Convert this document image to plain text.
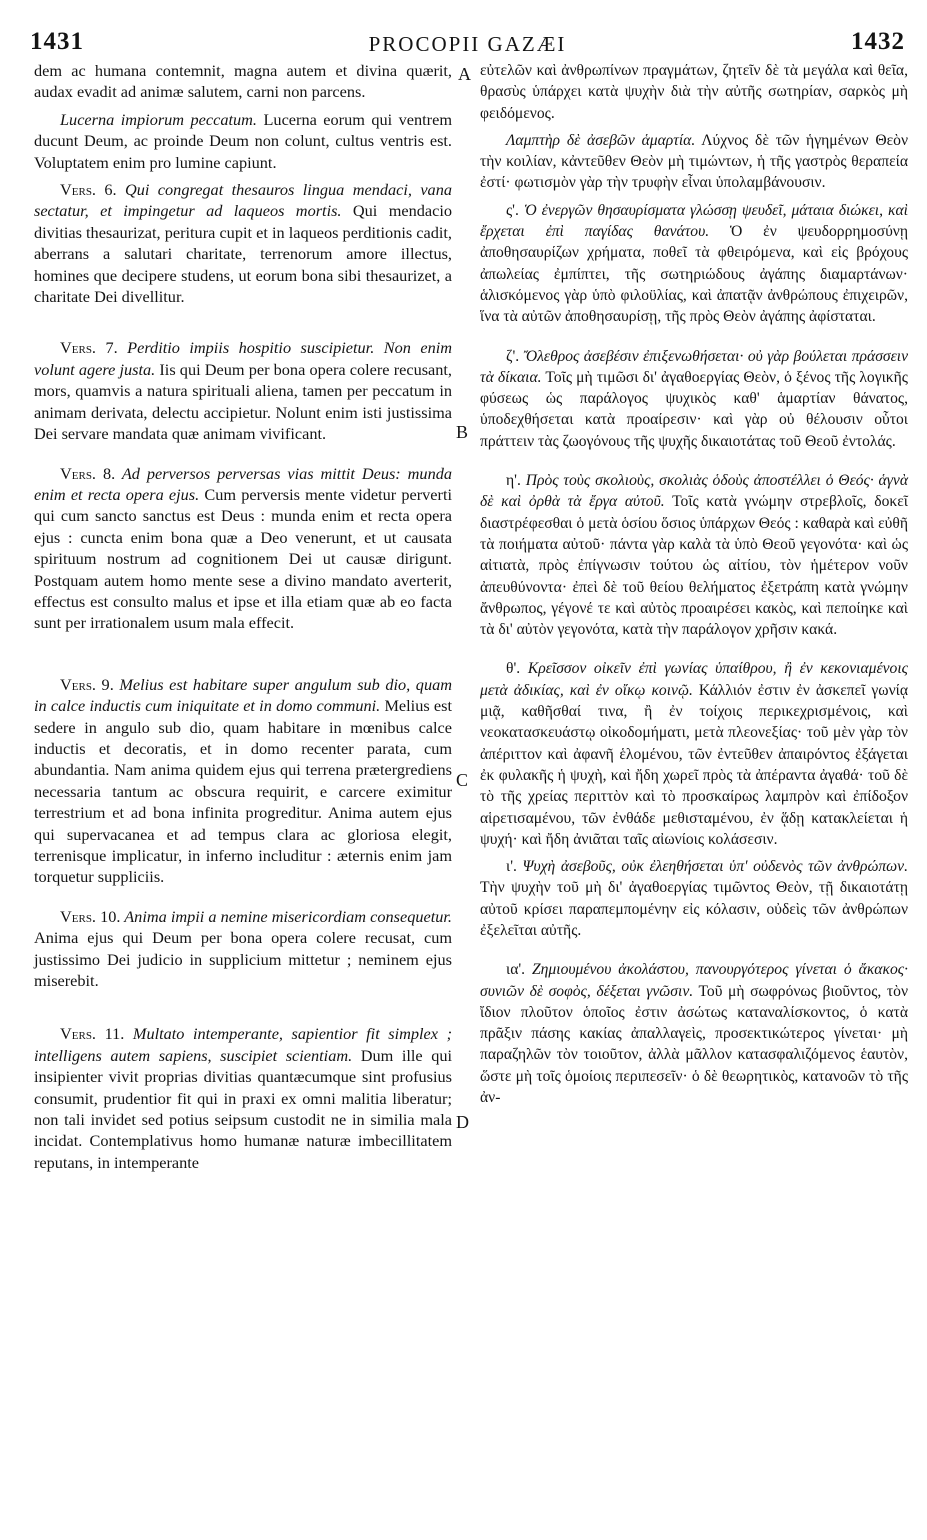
1431	PROCOPII GAZÆI	1432
A
B
C
D

dem ac humana contemnit, magna autem et divina quærit, audax evadit ad animæ salutem, carni non parcens.

Lucerna impiorum peccatum. Lucerna eorum qui ventrem ducunt Deum, ac proinde Deum non colunt, cultus ventris est. Voluptatem enim pro lumine capiunt.

Vers. 6. Qui congregat thesauros lingua mendaci, vana sectatur, et impingetur ad laqueos mortis. Qui mendacio divitias thesaurizat, peritura cupit et in laqueos perditionis cadit, aberrans a salutari charitate, terrenorum amore illectus, homines que decipere studens, ut eorum bona sibi thesaurizet, a charitate Dei divellitur.

Vers. 7. Perditio impiis hospitio suscipietur. Non enim volunt agere justa. Iis qui Deum per bona opera colere recusant, mors, quamvis a natura spirituali aliena, tamen per peccatum in animam derivata, delectu accipietur. Nolunt enim isti justissima Dei servare mandata quæ animam vivificant.

Vers. 8. Ad perversos perversas vias mittit Deus: munda enim et recta opera ejus. Cum perversis mente videtur perverti qui cum sancto sanctus est Deus : munda enim et recta opera ejus : cuncta enim bona quæ a Deo venerunt, et ut causata spirituum nostrum ad cognitionem Dei ut causæ dirigunt. Postquam autem homo mente sese a divino mandato averterit, effectus est consulto malus et ipse et illa etiam quæ ab eo facta sunt per irrationalem usum mala effecit.

Vers. 9. Melius est habitare super angulum sub dio, quam in calce inductis cum iniquitate et in domo communi. Melius est sedere in angulo sub dio, quam habitare in mœnibus calce inductis et decoratis, et in domo recenter parata, cum abundantia. Nam anima quidem ejus qui terrena prætergrediens necessaria tantum ac obscura requirit, e carcere eximitur terrestrium et ad bona infinita progreditur. Anima autem ejus qui supervacanea et ad tempus clara ac gloriosa elegit, terrenisque implicatur, in inferno includitur : æternis enim jam torquetur suppliciis.

Vers. 10. Anima impii a nemine misericordiam consequetur. Anima ejus qui Deum per bona opera colere recusat, cum justissimo Dei judicio in supplicium mittetur ; neminem ejus miserebit.

Vers. 11. Multato intemperante, sapientior fit simplex ; intelligens autem sapiens, suscipiet scientiam. Dum ille qui insipienter vivit proprias divitias quantæcumque sint profusius consumit, prudentior fit qui in praxi ex omni malitia liberatur; non tali invidet sed potius seipsum custodit ne in similia mala incidat. Contemplativus homo humanæ naturæ imbecillitatem reputans, in intemperante

εὐτελῶν καὶ ἀνθρωπίνων πραγμάτων, ζητεῖν δὲ τὰ μεγάλα καὶ θεῖα, θρασὺς ὑπάρχει κατὰ ψυχὴν διὰ τὴν αὐτῆς σωτηρίαν, σαρκὸς μὴ φειδόμενος.

Λαμπτὴρ δὲ ἀσεβῶν ἁμαρτία. Λύχνος δὲ τῶν ἡγημένων Θεὸν τὴν κοιλίαν, κἀντεῦθεν Θεὸν μὴ τιμώντων, ἡ τῆς γαστρὸς θεραπεία ἐστί· φωτισμὸν γὰρ τὴν τρυφὴν εἶναι ὑπολαμβάνουσιν.

ς'. Ὁ ἐνεργῶν θησαυρίσματα γλώσσῃ ψευδεῖ, μάταια διώκει, καὶ ἔρχεται ἐπὶ παγίδας θανάτου. Ὁ ἐν ψευδορρημοσύνῃ ἀποθησαυρίζων χρήματα, ποθεῖ τὰ φθειρόμενα, καὶ εἰς βρόχους ἀπωλείας ἐμπίπτει, τῆς σωτηριώδους ἀγάπης διαμαρτάνων· ἁλισκόμενος γὰρ ὑπὸ φιλοϋλίας, καὶ ἀπατᾷν ἀνθρώπους ἐπιχειρῶν, ἵνα τὰ αὐτῶν ἀποθησαυρίσῃ, τῆς πρὸς Θεὸν ἀγάπης ἀφίσταται.

ζ'. Ὄλεθρος ἀσεβέσιν ἐπιξενωθήσεται· οὐ γὰρ βούλεται πράσσειν τὰ δίκαια. Τοῖς μὴ τιμῶσι δι' ἀγαθοεργίας Θεὸν, ὁ ξένος τῆς λογικῆς φύσεως ὡς παράλογος ψυχικὸς καθ' ἁμαρτίαν θάνατος, ὑποδεχθήσεται κατὰ προαίρεσιν· καὶ γὰρ οὐ θέλουσιν οὗτοι πράττειν τὰς ζωογόνους τῆς ψυχῆς δικαιοτάτας τοῦ Θεοῦ ἐντολάς.

η'. Πρὸς τοὺς σκολιοὺς, σκολιὰς ὁδοὺς ἀποστέλλει ὁ Θεός· ἁγνὰ δὲ καὶ ὀρθὰ τὰ ἔργα αὐτοῦ. Τοῖς κατὰ γνώμην στρεβλοῖς, δοκεῖ διαστρέφεσθαι ὁ μετὰ ὁσίου ὅσιος ὑπάρχων Θεός : καθαρὰ καὶ εὐθῆ τὰ ποιήματα αὐτοῦ· πάντα γὰρ καλὰ τὰ ὑπὸ Θεοῦ γεγονότα· καὶ ὡς αἰτιατὰ, πρὸς ἐπίγνωσιν τούτου ὡς αἰτίου, τὸν ἡμέτερον νοῦν ἀπευθύνοντα· ἐπεὶ δὲ τοῦ θείου θελήματος ἐξετράπη κατὰ γνώμην ἄνθρωπος, γέγονέ τε καὶ αὐτὸς προαιρέσει κακὸς, καὶ πεποίηκε καὶ τὰ δι' αὐτὸν γεγονότα, κατὰ τὴν παράλογον χρῆσιν κακά.

θ'. Κρεῖσσον οἰκεῖν ἐπὶ γωνίας ὑπαίθρου, ἢ ἐν κεκονιαμένοις μετὰ ἀδικίας, καὶ ἐν οἴκῳ κοινῷ. Κάλλιόν ἐστιν ἐν ἀσκεπεῖ γωνίᾳ μιᾷ, καθῆσθαί τινα, ἢ ἐν τοίχοις περικεχρισμένοις, καὶ νεοκατασκευάστῳ οἰκοδομήματι, μετὰ πλεονεξίας· τοῦ μὲν γὰρ τὸν ἀπέριττον καὶ ἀφανῆ ἑλομένου, τῶν ἐντεῦθεν ἀπαιρόντος ἐξάγεται ἐκ φυλακῆς ἡ ψυχὴ, καὶ ἤδη χωρεῖ πρὸς τὰ ἀπέραντα ἀγαθά· τοῦ δὲ τὸ τῆς χρείας περιττὸν καὶ τὸ προσκαίρως λαμπρὸν καὶ ἐπίδοξον αἱρετισαμένου, τῶν ἐνθάδε μεθισταμένου, ἐν ᾅδῃ κατακλείεται ἡ ψυχή· καὶ ἤδη ἀνιᾶται ταῖς αἰωνίοις κολάσεσιν.

ι'. Ψυχὴ ἀσεβοῦς, οὐκ ἐλεηθήσεται ὑπ' οὐδενὸς τῶν ἀνθρώπων. Τὴν ψυχὴν τοῦ μὴ δι' ἀγαθοεργίας τιμῶντος Θεὸν, τῇ δικαιοτάτῃ αὐτοῦ κρίσει παραπεμπομένην εἰς κόλασιν, οὐδεὶς τῶν ἀνθρώπων ἐξελεῖται αὐτῆς.

ια'. Ζημιουμένου ἀκολάστου, πανουργότερος γίνεται ὁ ἄκακος· συνιῶν δὲ σοφὸς, δέξεται γνῶσιν. Τοῦ μὴ σωφρόνως βιοῦντος, τὸν ἴδιον πλοῦτον ὁποῖος ἐστιν ἀσώτως καταναλίσκοντος, ὁ κατὰ πρᾶξιν πάσης κακίας ἀπαλλαγεὶς, προσεκτικώτερος γίνεται· μὴ παραζηλῶν τὸν τοιοῦτον, ἀλλὰ μᾶλλον κατασφαλιζόμενος ἑαυτὸν, ὥστε μὴ τοῖς ὁμοίοις περιπεσεῖν· ὁ δὲ θεωρητικὸς, κατανοῶν τὸ τῆς ἀν-
